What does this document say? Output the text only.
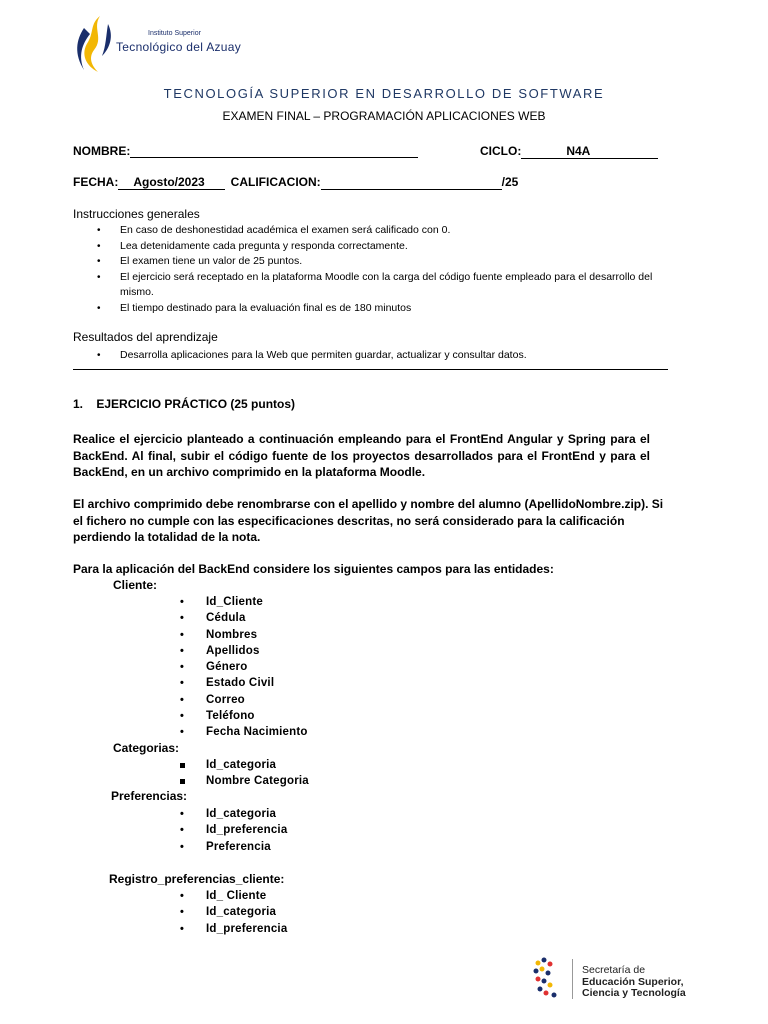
Instituto Superior
Tecnológico del Azuay
TECNOLOGÍA SUPERIOR EN DESARROLLO DE SOFTWARE
EXAMEN FINAL – PROGRAMACIÓN APLICACIONES WEB
NOMBRE:	CICLO:	N4A
FECHA: Agosto/2023 CALIFICACION:	/25
Instrucciones generales
• En caso de deshonestidad académica el examen será calificado con 0.
• Lea detenidamente cada pregunta y responda correctamente.
• El examen tiene un valor de 25 puntos.
• El ejercicio será receptado en la plataforma Moodle con la carga del código fuente empleado para el desarrollo del mismo.
• El tiempo destinado para la evaluación final es de 180 minutos
Resultados del aprendizaje
• Desarrolla aplicaciones para la Web que permiten guardar, actualizar y consultar datos.
1.    EJERCICIO PRÁCTICO (25 puntos)
Realice el ejercicio planteado a continuación empleando para el FrontEnd Angular y Spring para el BackEnd. Al final, subir el código fuente de los proyectos desarrollados para el FrontEnd y para el BackEnd, en un archivo comprimido en la plataforma Moodle.
El archivo comprimido debe renombrarse con el apellido y nombre del alumno (ApellidoNombre.zip). Si el fichero no cumple con las especificaciones descritas, no será considerado para la calificación perdiendo la totalidad de la nota.
Para la aplicación del BackEnd considere los siguientes campos para las entidades:
Cliente:
• Id_Cliente
• Cédula
• Nombres
• Apellidos
• Género
• Estado Civil
• Correo
• Teléfono
• Fecha Nacimiento
Categorias:
Id_categoria
Nombre Categoria
Preferencias:
• Id_categoria
• Id_preferencia
• Preferencia
Registro_preferencias_cliente:
• Id_ Cliente
• Id_categoria
• Id_preferencia
Secretaría de
Educación Superior,
Ciencia y Tecnología
